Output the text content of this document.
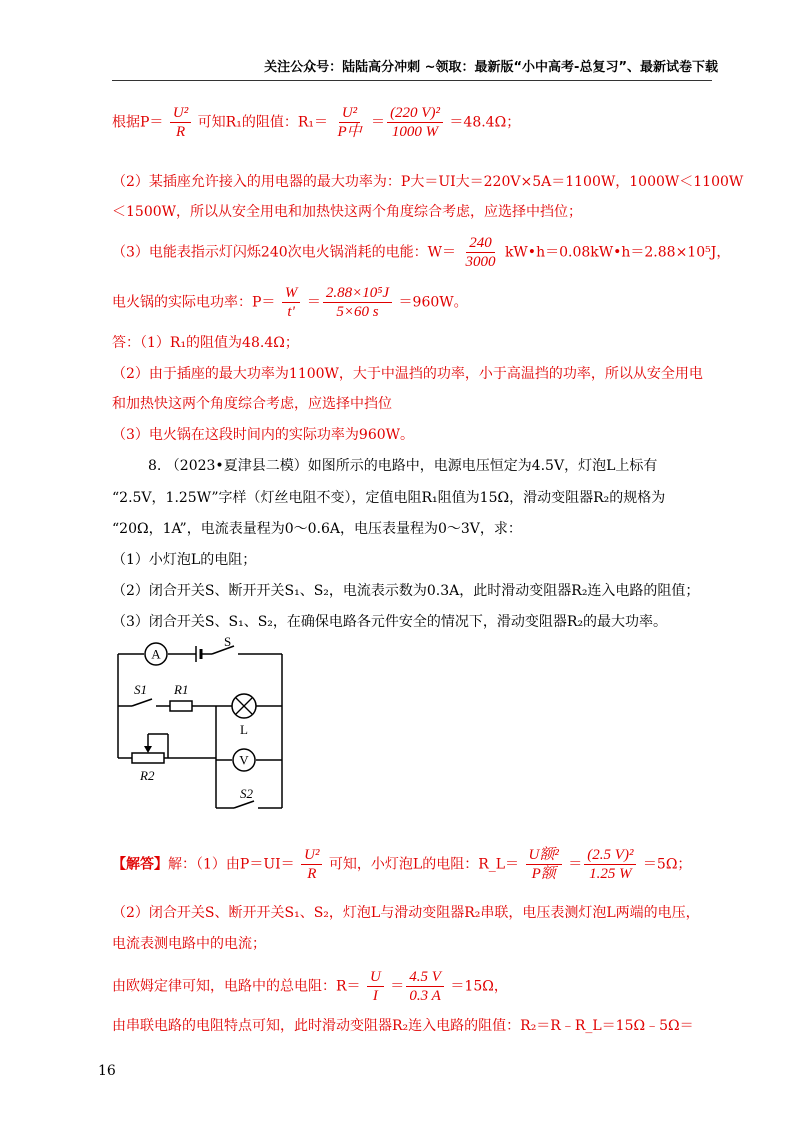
关注公众号：陆陆高分冲刺 ~领取：最新版“小中高考-总复习”、最新试卷下载
根据$P= \frac{\text{U²}}{R}$ 可知R₁的阻值：$R_1= \frac{\text{U²}}{\text{P中}} = \frac{\text{(220 V)²}}{1000 W} =48.4\Omega$；
（2）某插座允许接入的用电器的最大功率为：P大＝UI大＝220V×5A＝1100W，1000W＜1100W
＜1500W，所以从安全用电和加热快这两个角度综合考虑，应选择中挡位；
（3）电能表指示灯闪烁240次电火锅消耗的电能：$W= \frac{240}{3000}$ kW•h＝0.08kW•h＝2.88×10⁵J，
电火锅的实际电功率：$P= \frac{W}{t'} = \frac{\text{2.88×10⁵J}}{5\times 60 s} =960W$。
答：（1）R₁的阻值为48.4Ω；
（2）由于插座的最大功率为1100W，大于中温挡的功率，小于高温挡的功率，所以从安全用电
和加热快这两个角度综合考虑，应选择中挡位
（3）电火锅在这段时间内的实际功率为960W。
8. （2023•夏津县二模）如图所示的电路中，电源电压恒定为4.5V，灯泡L上标有
“2.5V，1.25W”字样（灯丝电阻不变），定值电阻R₁阻值为15Ω，滑动变阻器R₂的规格为
“20Ω，1A”，电流表量程为0～0.6A，电压表量程为0～3V，求：
（1）小灯泡L的电阻；
（2）闭合开关S、断开开关S₁、S₂，电流表示数为0.3A，此时滑动变阻器R₂连入电路的阻值；
（3）闭合开关S、S₁、S₂，在确保电路各元件安全的情况下，滑动变阻器R₂的最大功率。
A
V
S
S1 R1
L
R2
S2
【解答】解：（1）由$P=UI= \frac{\text{U²}}{R}$ 可知，小灯泡L的电阻：R_L＝ $\frac{\text{U额²}}{\text{P额}} = \frac{\text{(2.5 V)²}}{1.25 W} =5\Omega$；
（2）闭合开关S、断开开关S₁、S₂，灯泡L与滑动变阻器R₂串联，电压表测灯泡L两端的电压，
电流表测电路中的电流；
由欧姆定律可知，电路中的总电阻：$R= \frac{U}{I} = \frac{4.5 V}{0.3 A} =15\Omega$，
由串联电路的电阻特点可知，此时滑动变阻器R₂连入电路的阻值：R₂＝R﹣R_L＝15Ω﹣5Ω＝
16
